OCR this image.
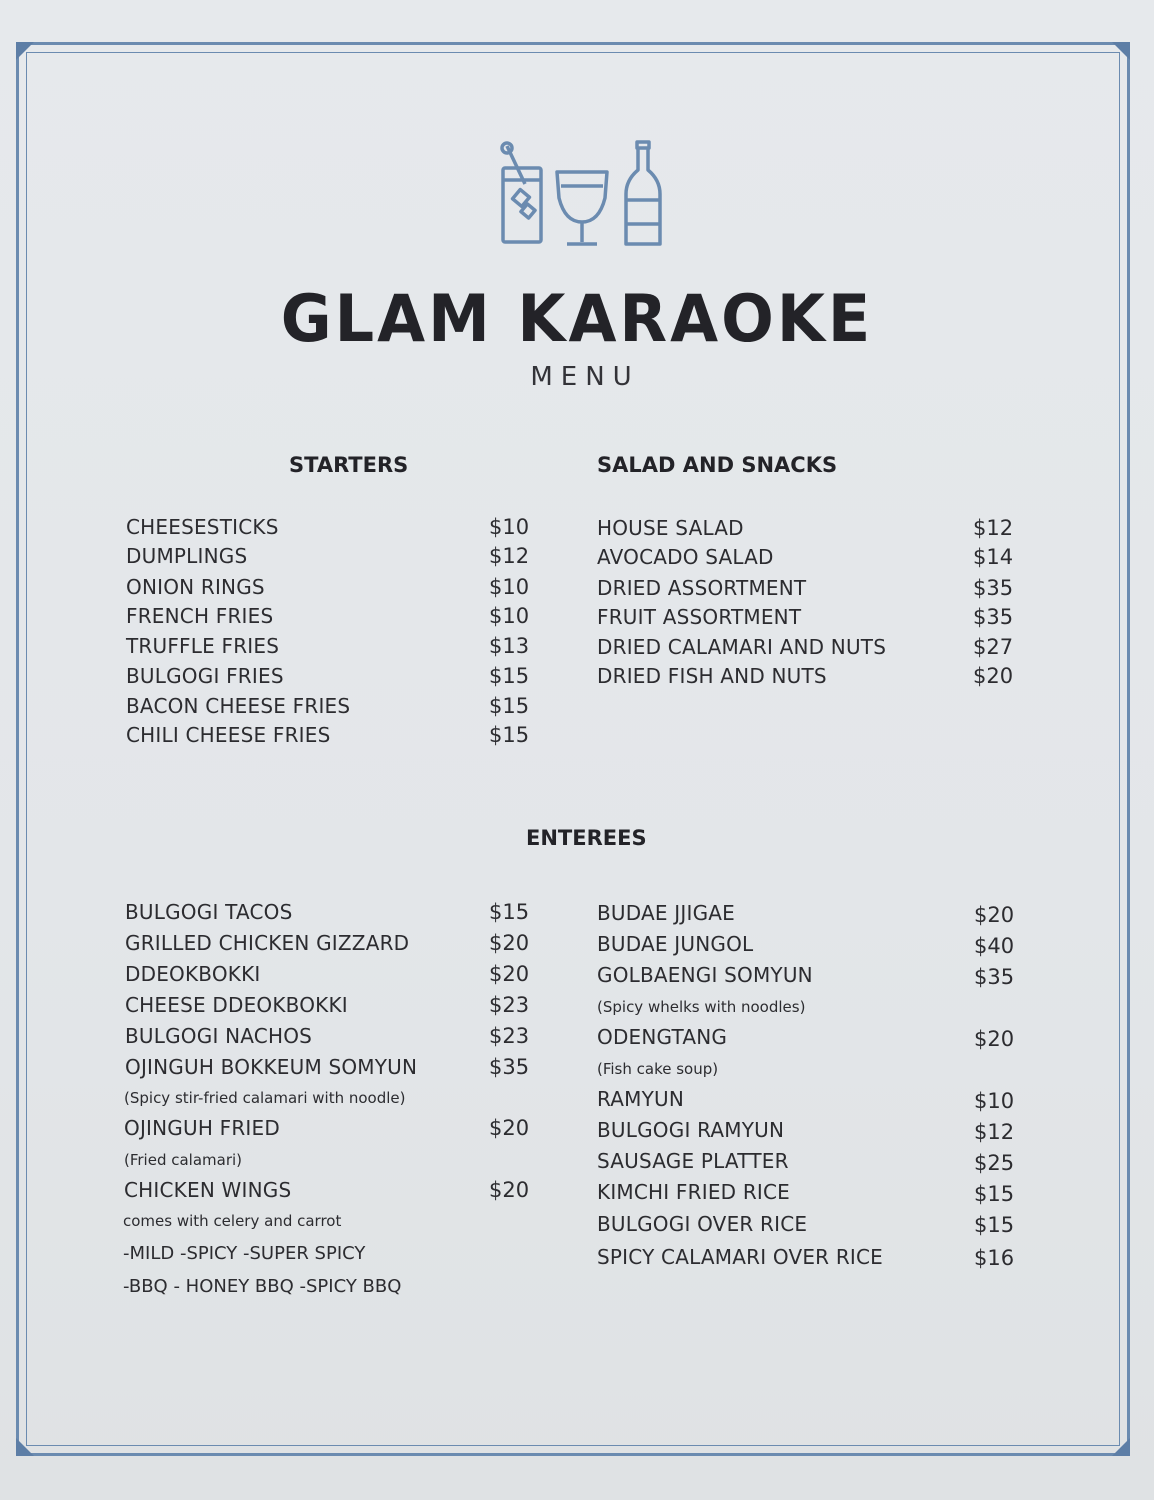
GLAM KARAOKE
MENU
STARTERS
CHEESESTICKS	$10
DUMPLINGS	$12
ONION RINGS	$10
FRENCH FRIES	$10
TRUFFLE FRIES	$13
BULGOGI FRIES	$15
BACON CHEESE FRIES	$15
CHILI CHEESE FRIES	$15
SALAD AND SNACKS
HOUSE SALAD	$12
AVOCADO SALAD	$14
DRIED ASSORTMENT	$35
FRUIT ASSORTMENT	$35
DRIED CALAMARI AND NUTS	$27
DRIED FISH AND NUTS	$20
ENTEREES
BULGOGI TACOS	$15
GRILLED CHICKEN GIZZARD	$20
DDEOKBOKKI	$20
CHEESE DDEOKBOKKI	$23
BULGOGI NACHOS	$23
OJINGUH BOKKEUM SOMYUN	$35
(Spicy stir-fried calamari with noodle)
OJINGUH FRIED	$20
(Fried calamari)
CHICKEN WINGS	$20
comes with celery and carrot
-MILD -SPICY -SUPER SPICY
-BBQ - HONEY BBQ -SPICY BBQ
BUDAE JJIGAE	$20
BUDAE JUNGOL	$40
GOLBAENGI SOMYUN	$35
(Spicy whelks with noodles)
ODENGTANG	$20
(Fish cake soup)
RAMYUN	$10
BULGOGI RAMYUN	$12
SAUSAGE PLATTER	$25
KIMCHI FRIED RICE	$15
BULGOGI OVER RICE	$15
SPICY CALAMARI OVER RICE	$16
